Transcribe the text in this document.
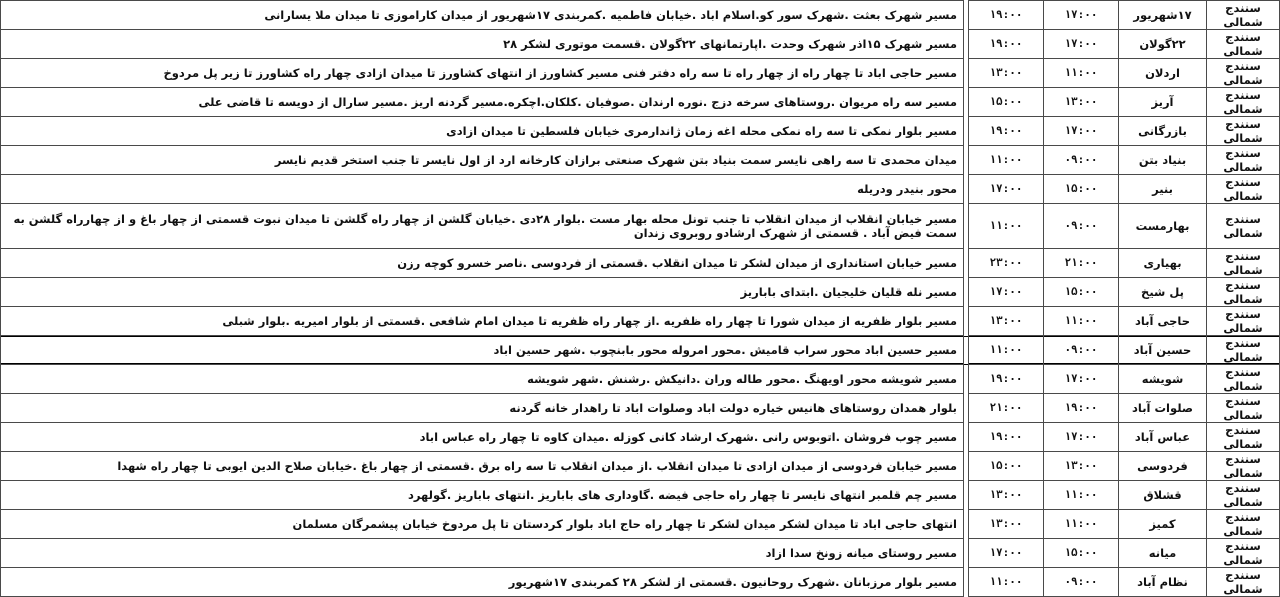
سنندج شمالی	۱۷شهریور	۱۷:۰۰	۱۹:۰۰		مسیر شهرک بعثت .شهرک سور کو.اسلام اباد .خیابان فاطمیه .کمربندی ۱۷شهریور از میدان کاراموزی تا میدان ملا یسارانی
سنندج شمالی	۲۲گولان	۱۷:۰۰	۱۹:۰۰		مسیر شهرک ۱۵اذر شهرک وحدت .اپارتمانهای ۲۲گولان .قسمت موتوری لشکر ۲۸
سنندج شمالی	اردلان	۱۱:۰۰	۱۳:۰۰		مسیر حاجی اباد تا چهار راه از چهار راه تا سه راه دفتر فنی مسیر کشاورز از انتهای کشاورز تا میدان ازادی چهار راه کشاورز تا زیر پل مردوخ
سنندج شمالی	آریز	۱۳:۰۰	۱۵:۰۰		مسیر سه راه مریوان .روستاهای سرخه دزج .نوره ارندان .صوفیان .کلکان.اچکره.مسیر گردنه اریز .مسیر سارال از دویسه تا قاضی علی
سنندج شمالی	بازرگانی	۱۷:۰۰	۱۹:۰۰		مسیر بلوار نمکی تا سه راه نمکی محله اغه زمان ژاندارمری خیابان فلسطین تا میدان ازادی
سنندج شمالی	بنیاد بتن	۰۹:۰۰	۱۱:۰۰		میدان محمدی تا سه راهی نایسر سمت بنیاد بتن شهرک صنعتی برازان کارخانه ارد از اول نایسر تا جنب استخر قدیم نایسر
سنندج شمالی	بنیر	۱۵:۰۰	۱۷:۰۰		محور بنیدر ودریله
سنندج شمالی	بهارمست	۰۹:۰۰	۱۱:۰۰		مسیر خیابان انقلاب از میدان انقلاب تا جنب تونل محله بهار مست .بلوار ۲۸دی .خیابان گلشن از چهار راه گلشن تا میدان نبوت قسمتی از چهار باغ و از چهارراه گلشن به سمت فیض آباد . قسمتی از شهرک ارشادو روبروی زندان
سنندج شمالی	بهیاری	۲۱:۰۰	۲۳:۰۰		مسیر خیابان استانداری از میدان لشکر تا میدان انقلاب .قسمتی از فردوسی .ناصر خسرو کوچه رزن
سنندج شمالی	پل شیخ	۱۵:۰۰	۱۷:۰۰		مسیر نله قلیان خلیجیان .ابتدای باباریز
سنندج شمالی	حاجی آباد	۱۱:۰۰	۱۳:۰۰		مسیر بلوار ظفریه از میدان شورا تا چهار راه ظفریه .از چهار راه ظفریه تا میدان امام شافعی .قسمتی از بلوار امیریه .بلوار شبلی
سنندج شمالی	حسین آباد	۰۹:۰۰	۱۱:۰۰		مسیر حسین اباد محور سراب قامیش .محور امروله محور بابنچوب .شهر حسین اباد
سنندج شمالی	شویشه	۱۷:۰۰	۱۹:۰۰		مسیر شویشه محور اویهنگ .محور طاله وران .دانیکش .رشنش .شهر شویشه
سنندج شمالی	صلوات آباد	۱۹:۰۰	۲۱:۰۰		بلوار همدان روستاهای هانیس خیاره دولت اباد وصلوات اباد تا راهدار خانه گردنه
سنندج شمالی	عباس آباد	۱۷:۰۰	۱۹:۰۰		مسیر چوب فروشان .اتوبوس رانی .شهرک ارشاد کانی کوزله .میدان کاوه تا چهار راه عباس اباد
سنندج شمالی	فردوسی	۱۳:۰۰	۱۵:۰۰		مسیر خیابان فردوسی از میدان ازادی تا میدان انقلاب .از میدان انقلاب تا سه راه برق .قسمتی از چهار باغ .خیابان صلاح الدین ایوبی تا چهار راه شهدا
سنندج شمالی	قشلاق	۱۱:۰۰	۱۳:۰۰		مسیر چم قلمبر انتهای نایسر تا چهار راه حاجی فیضه .گاوداری های باباریز .انتهای باباریز .گولهرد
سنندج شمالی	کمیز	۱۱:۰۰	۱۳:۰۰		انتهای حاجی اباد تا میدان لشکر میدان لشکر تا چهار راه حاج اباد بلوار کردستان تا پل مردوخ خیابان پیشمرگان مسلمان
سنندج شمالی	میانه	۱۵:۰۰	۱۷:۰۰		مسیر روستای میانه زونخ سدا ازاد
سنندج شمالی	نظام آباد	۰۹:۰۰	۱۱:۰۰		مسیر بلوار مرزبانان .شهرک روحانیون .قسمتی از لشکر ۲۸ کمربندی ۱۷شهریور
